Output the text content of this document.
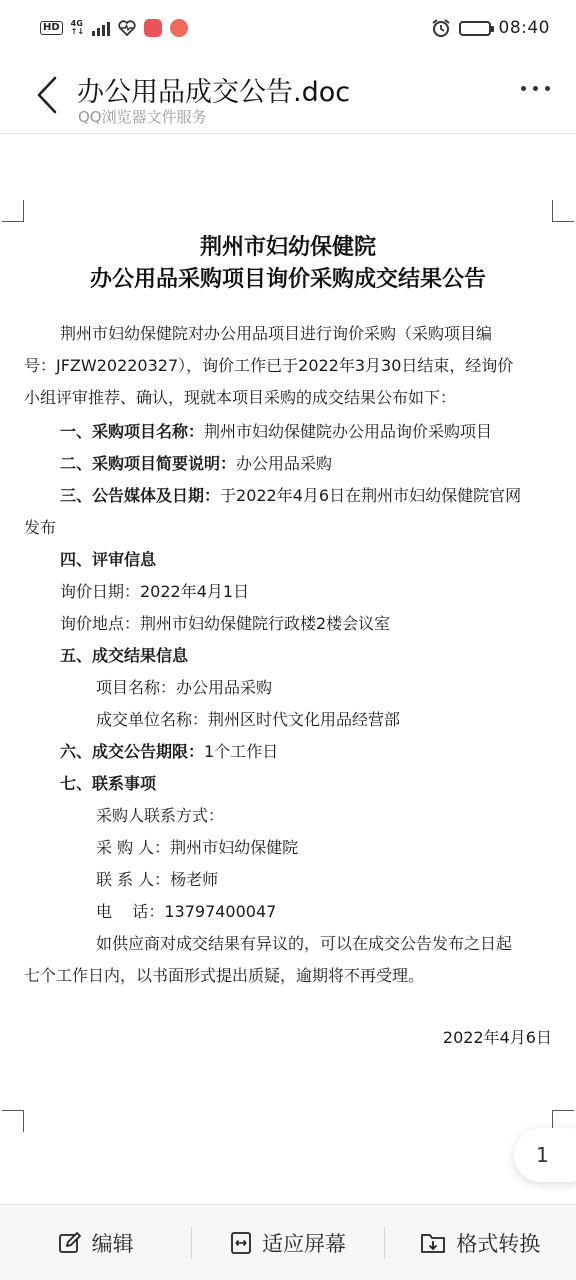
HD	4G
↑↓	08:40
办公用品成交公告.doc
QQ浏览器文件服务
荆州市妇幼保健院
办公用品采购项目询价采购成交结果公告
荆州市妇幼保健院对办公用品项目进行询价采购（采购项目编
号：JFZW20220327），询价工作已于2022年3月30日结束，经询价
小组评审推荐、确认，现就本项目采购的成交结果公布如下：
一、采购项目名称：荆州市妇幼保健院办公用品询价采购项目
二、采购项目简要说明：办公用品采购
三、公告媒体及日期：于2022年4月6日在荆州市妇幼保健院官网
发布
四、评审信息
询价日期：2022年4月1日
询价地点：荆州市妇幼保健院行政楼2楼会议室
五、成交结果信息
项目名称：办公用品采购
成交单位名称：荆州区时代文化用品经营部
六、成交公告期限：1个工作日
七、联系事项
采购人联系方式：
采 购 人：荆州市妇幼保健院
联 系 人：杨老师
电    话：13797400047
如供应商对成交结果有异议的，可以在成交公告发布之日起
七个工作日内，以书面形式提出质疑，逾期将不再受理。
2022年4月6日
1
编辑	适应屏幕	格式转换
